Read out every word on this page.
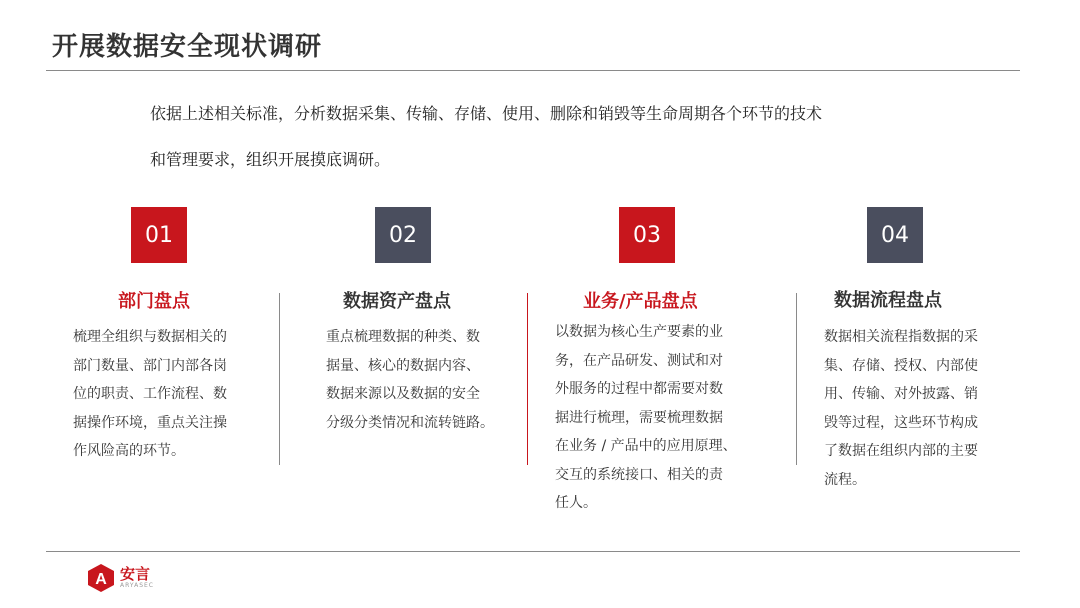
开展数据安全现状调研
依据上述相关标准，分析数据采集、传输、存储、使用、删除和销毁等生命周期各个环节的技术
和管理要求，组织开展摸底调研。
01
部门盘点
梳理全组织与数据相关的
部门数量、部门内部各岗
位的职责、工作流程、数
据操作环境，重点关注操
作风险高的环节。
02
数据资产盘点
重点梳理数据的种类、数
据量、核心的数据内容、
数据来源以及数据的安全
分级分类情况和流转链路。
03
业务/产品盘点
以数据为核心生产要素的业
务，在产品研发、测试和对
外服务的过程中都需要对数
据进行梳理，需要梳理数据
在业务 / 产品中的应用原理、
交互的系统接口、相关的责
任人。
04
数据流程盘点
数据相关流程指数据的采
集、存储、授权、内部使
用、传输、对外披露、销
毁等过程，这些环节构成
了数据在组织内部的主要
流程。
A 安言
ARYASEC
